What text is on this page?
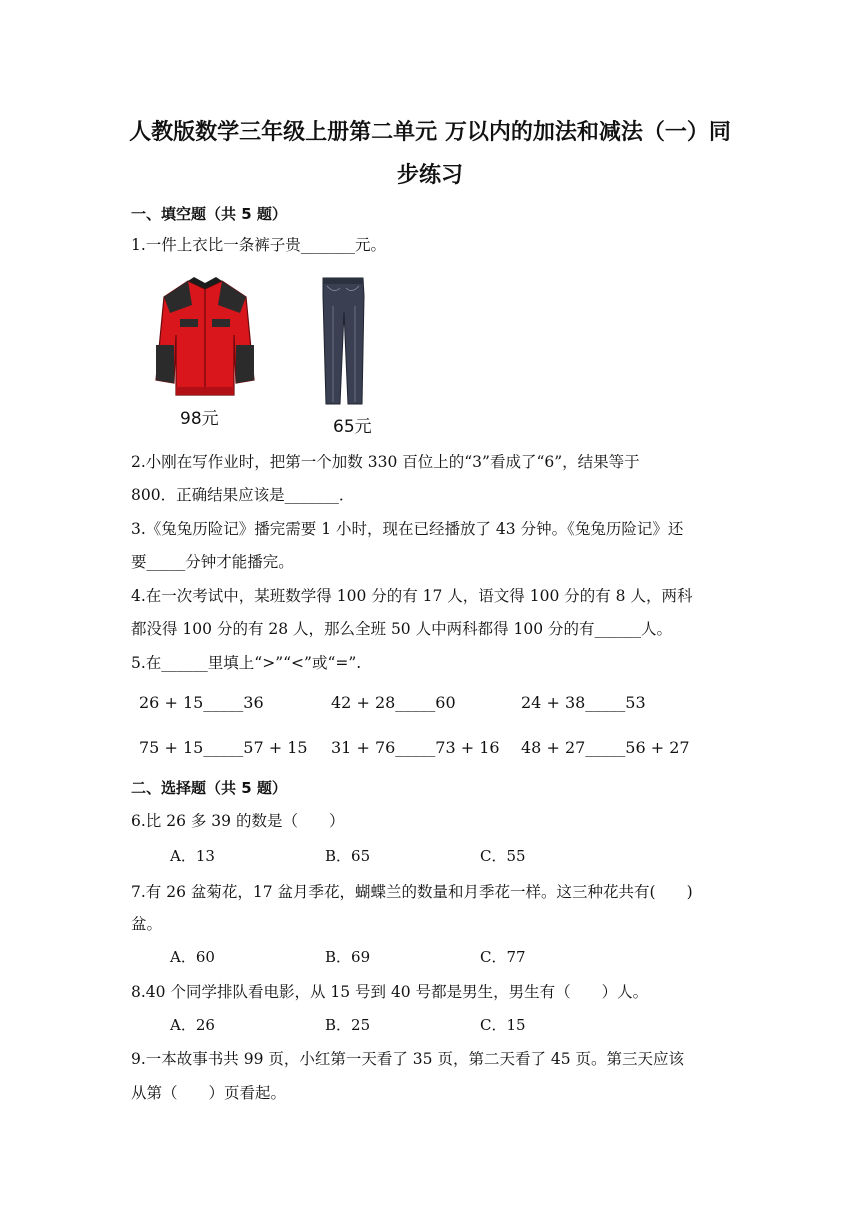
人教版数学三年级上册第二单元 万以内的加法和减法（一）同
步练习
一、填空题（共 5 题）
1.一件上衣比一条裤子贵_______元。
98元	65元
2.小刚在写作业时，把第一个加数 330 百位上的“3”看成了“6”，结果等于
800．正确结果应该是_______．
3.《兔兔历险记》播完需要 1 小时，现在已经播放了 43 分钟。《兔兔历险记》还
要_____分钟才能播完。
4.在一次考试中，某班数学得 100 分的有 17 人，语文得 100 分的有 8 人，两科
都没得 100 分的有 28 人，那么全班 50 人中两科都得 100 分的有______人。
5.在______里填上“>”“<”或“=”.
26 + 15_____36	42 + 28_____60	24 + 38_____53
75 + 15_____57 + 15 31 + 76_____73 + 16 48 + 27_____56 + 27
二、选择题（共 5 题）
6.比 26 多 39 的数是（　　）
A．13	B．65	C．55
7.有 26 盆菊花，17 盆月季花，蝴蝶兰的数量和月季花一样。这三种花共有(　　)
盆。
A．60	B．69	C．77
8.40 个同学排队看电影，从 15 号到 40 号都是男生，男生有（　　）人。
A．26	B．25	C．15
9.一本故事书共 99 页，小红第一天看了 35 页，第二天看了 45 页。第三天应该
从第（　　）页看起。
